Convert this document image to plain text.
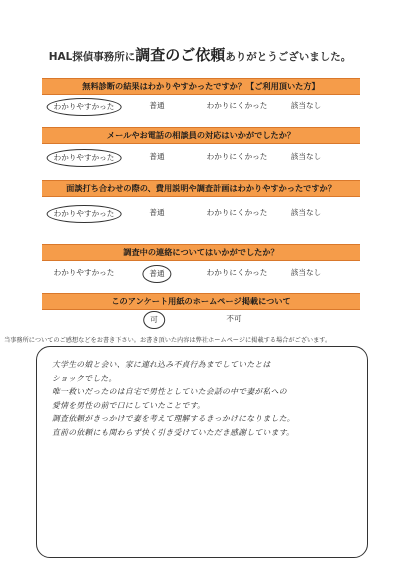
HAL探偵事務所に調査のご依頼ありがとうございました。
無料診断の結果はわかりやすかったですか？【ご利用頂いた方】
わかりやすかった	普通	わかりにくかった	該当なし
メールやお電話の相談員の対応はいかがでしたか？
わかりやすかった	普通	わかりにくかった	該当なし
面談打ち合わせの際の、費用説明や調査計画はわかりやすかったですか？
わかりやすかった	普通	わかりにくかった	該当なし
調査中の連絡についてはいかがでしたか？
わかりやすかった	普通	わかりにくかった	該当なし
このアンケート用紙のホームページ掲載について
可	不可
当事務所についてのご感想などをお書き下さい。お書き頂いた内容は弊社ホームページに掲載する場合がございます。
大学生の娘と会い、家に連れ込み不貞行為までしていたとは
ショックでした。
唯一救いだったのは自宅で男性としていた会話の中で妻が私への
愛情を男性の前で口にしていたことです。
調査依頼がきっかけで妻を考えて理解するきっかけになりました。
直前の依頼にも関わらず快く引き受けていただき感謝しています。
